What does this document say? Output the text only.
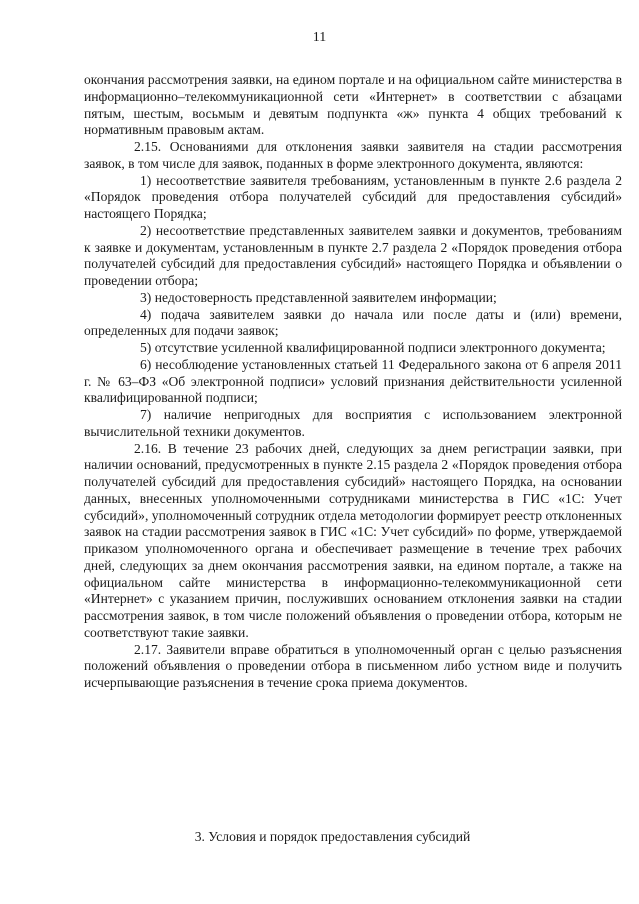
11

окончания рассмотрения заявки, на едином портале и на официальном сайте министерства в информационно–телекоммуникационной сети «Интернет» в соответствии с абзацами пятым, шестым, восьмым и девятым подпункта «ж» пункта 4 общих требований к нормативным правовым актам.

2.15. Основаниями для отклонения заявки заявителя на стадии рассмотрения заявок, в том числе для заявок, поданных в форме электронного документа, являются:

1) несоответствие заявителя требованиям, установленным в пункте 2.6 раздела 2 «Порядок проведения отбора получателей субсидий для предоставления субсидий» настоящего Порядка;

2) несоответствие представленных заявителем заявки и документов, требованиям к заявке и документам, установленным в пункте 2.7 раздела 2 «Порядок проведения отбора получателей субсидий для предоставления субсидий» настоящего Порядка и объявлении о проведении отбора;

3) недостоверность представленной заявителем информации;

4) подача заявителем заявки до начала или после даты и (или) времени, определенных для подачи заявок;

5) отсутствие усиленной квалифицированной подписи электронного документа;

6) несоблюдение установленных статьей 11 Федерального закона от 6 апреля 2011 г. № 63–ФЗ «Об электронной подписи» условий признания действительности усиленной квалифицированной подписи;

7) наличие непригодных для восприятия с использованием электронной вычислительной техники документов.

2.16. В течение 23 рабочих дней, следующих за днем регистрации заявки, при наличии оснований, предусмотренных в пункте 2.15 раздела 2 «Порядок проведения отбора получателей субсидий для предоставления субсидий» настоящего Порядка, на основании данных, внесенных уполномоченными сотрудниками министерства в ГИС «1С: Учет субсидий», уполномоченный сотрудник отдела методологии формирует реестр отклоненных заявок на стадии рассмотрения заявок в ГИС «1С: Учет субсидий» по форме, утверждаемой приказом уполномоченного органа и обеспечивает размещение в течение трех рабочих дней, следующих за днем окончания рассмотрения заявки, на едином портале, а также на официальном сайте министерства в информационно-телекоммуникационной сети «Интернет» с указанием причин, послуживших основанием отклонения заявки на стадии рассмотрения заявок, в том числе положений объявления о проведении отбора, которым не соответствуют такие заявки.

2.17. Заявители вправе обратиться в уполномоченный орган с целью разъяснения положений объявления о проведении отбора в письменном либо устном виде и получить исчерпывающие разъяснения в течение срока приема документов.

3. Условия и порядок предоставления субсидий
